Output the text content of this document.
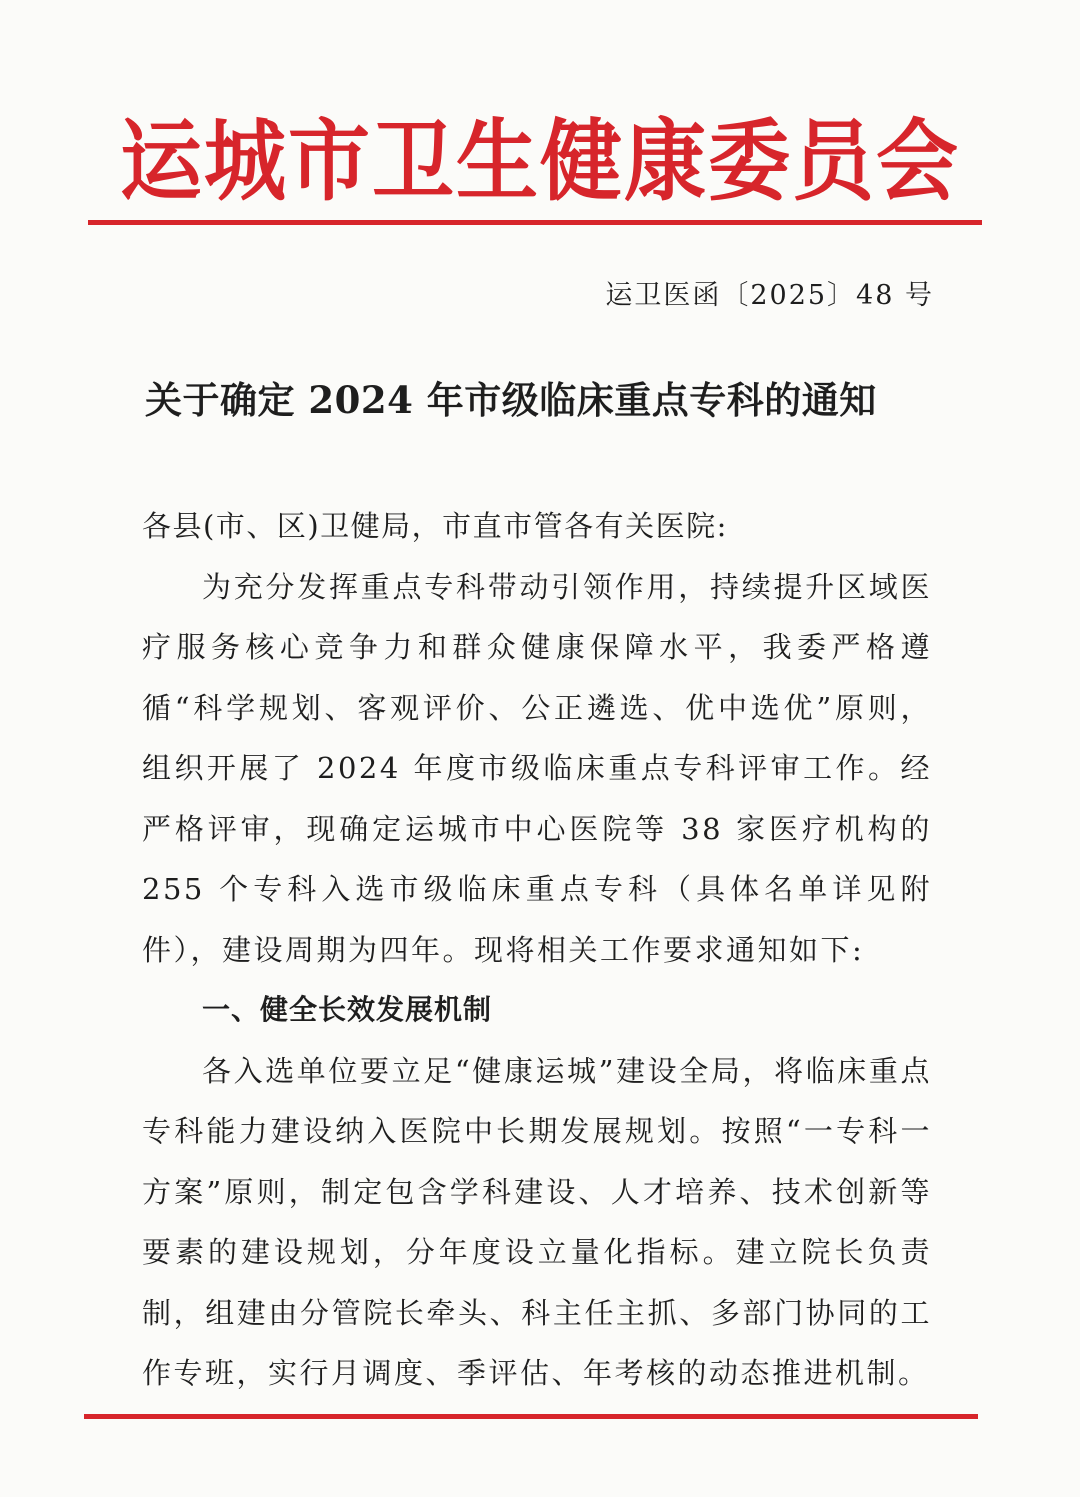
运城市卫生健康委员会
运卫医函〔2025〕48 号
关于确定 2024 年市级临床重点专科的通知

各县(市、区)卫健局，市直市管各有关医院:

为充分发挥重点专科带动引领作用，持续提升区域医疗服务核心竞争力和群众健康保障水平，我委严格遵循“科学规划、客观评价、公正遴选、优中选优”原则，组织开展了 2024 年度市级临床重点专科评审工作。经严格评审，现确定运城市中心医院等 38 家医疗机构的 255 个专科入选市级临床重点专科（具体名单详见附件），建设周期为四年。现将相关工作要求通知如下:

一、健全长效发展机制

各入选单位要立足“健康运城”建设全局，将临床重点专科能力建设纳入医院中长期发展规划。按照“一专科一方案”原则，制定包含学科建设、人才培养、技术创新等要素的建设规划，分年度设立量化指标。建立院长负责制，组建由分管院长牵头、科主任主抓、多部门协同的工作专班，实行月调度、季评估、年考核的动态推进机制。
